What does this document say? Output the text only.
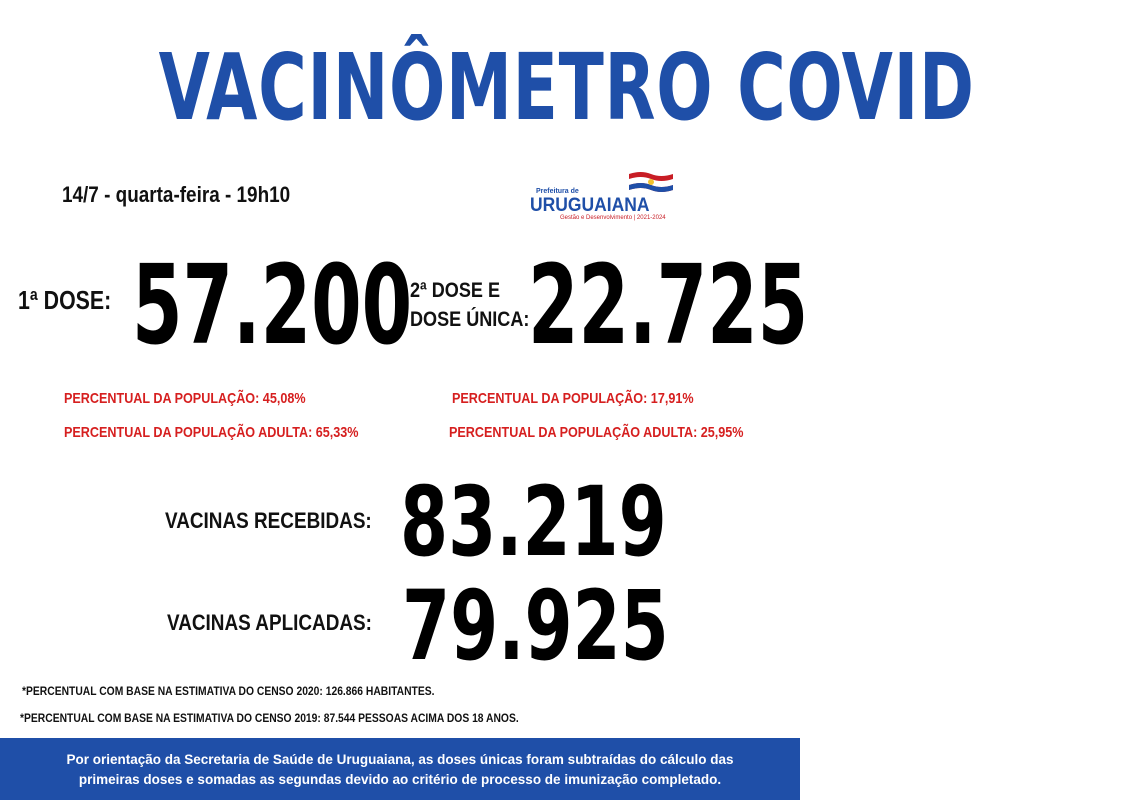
VACINÔMETRO COVID
14/7 - quarta-feira - 19h10	Prefeitura de
URUGUAIANA
Gestão e Desenvolvimento | 2021-2024
1ª DOSE: 57.200
2ª DOSE E
DOSE ÚNICA:
22.725
PERCENTUAL DA POPULAÇÃO: 45,08%
PERCENTUAL DA POPULAÇÃO ADULTA: 65,33%
PERCENTUAL DA POPULAÇÃO: 17,91%
PERCENTUAL DA POPULAÇÃO ADULTA: 25,95%
VACINAS RECEBIDAS: 83.219
VACINAS APLICADAS: 79.925
*PERCENTUAL COM BASE NA ESTIMATIVA DO CENSO 2020: 126.866 HABITANTES.
*PERCENTUAL COM BASE NA ESTIMATIVA DO CENSO 2019: 87.544 PESSOAS ACIMA DOS 18 ANOS.
Por orientação da Secretaria de Saúde de Uruguaiana, as doses únicas foram subtraídas do cálculo das
primeiras doses e somadas as segundas devido ao critério de processo de imunização completado.
